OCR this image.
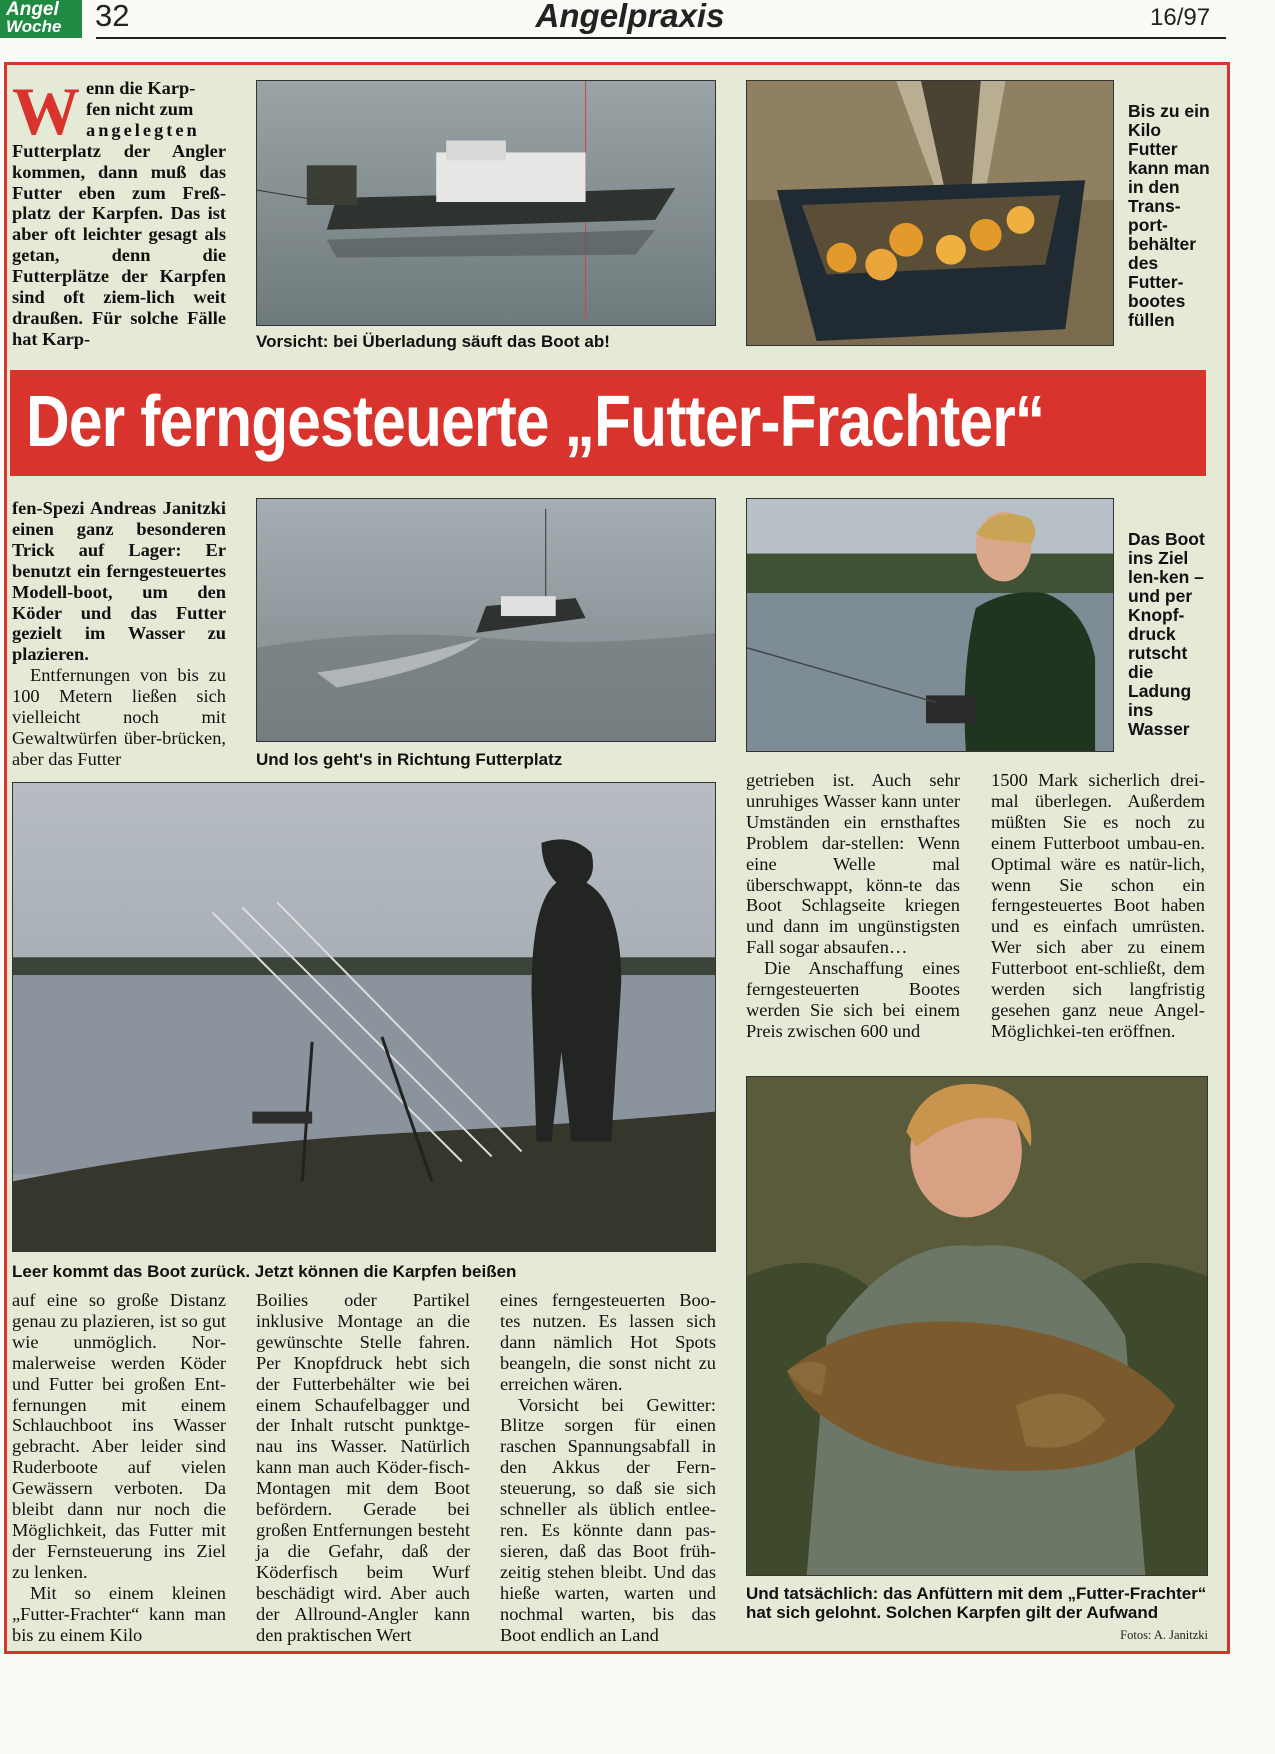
Angel
Woche 32	Angelpraxis	16/97
W enn die Karp-
fen nicht zum
angelegten Futterplatz der Angler kommen, dann muß das Futter eben zum Freß-platz der Karpfen. Das ist aber oft leichter gesagt als getan, denn die Futterplätze der Karpfen sind oft ziem-lich weit draußen. Für solche Fälle hat Karp-	Vorsicht: bei Überladung säuft das Boot ab!
Bis zu ein Kilo Futter kann man in den Trans-port-behälter des Futter-bootes füllen
Der ferngesteuerte „Futter-Frachter“
fen-Spezi Andreas Janitzki einen ganz besonderen Trick auf Lager: Er benutzt ein ferngesteuertes Modell-boot, um den Köder und das Futter gezielt im Wasser zu plazieren.
Entfernungen von bis zu 100 Metern ließen sich vielleicht noch mit Gewaltwürfen über-brücken, aber das Futter	Und los geht's in Richtung Futterplatz
Das Boot ins Ziel len-ken – und per Knopf-druck rutscht die Ladung ins Wasser
Leer kommt das Boot zurück. Jetzt können die Karpfen beißen
getrieben ist. Auch sehr unruhiges Wasser kann unter Umständen ein ernsthaftes Problem dar-stellen: Wenn eine Welle mal überschwappt, könn-te das Boot Schlagseite kriegen und dann im ungünstigsten Fall sogar absaufen…
Die Anschaffung eines ferngesteuerten Bootes werden Sie sich bei einem Preis zwischen 600 und
1500 Mark sicherlich drei-mal überlegen. Außerdem müßten Sie es noch zu einem Futterboot umbau-en. Optimal wäre es natür-lich, wenn Sie schon ein ferngesteuertes Boot haben und es einfach umrüsten. Wer sich aber zu einem Futterboot ent-schließt, dem werden sich langfristig gesehen ganz neue Angel-Möglichkei-ten eröffnen.
auf eine so große Distanz genau zu plazieren, ist so gut wie unmöglich. Nor-malerweise werden Köder und Futter bei großen Ent-fernungen mit einem Schlauchboot ins Wasser gebracht. Aber leider sind Ruderboote auf vielen Gewässern verboten. Da bleibt dann nur noch die Möglichkeit, das Futter mit der Fernsteuerung ins Ziel zu lenken.
Mit so einem kleinen „Futter-Frachter“ kann man bis zu einem Kilo
Boilies oder Partikel inklusive Montage an die gewünschte Stelle fahren. Per Knopfdruck hebt sich der Futterbehälter wie bei einem Schaufelbagger und der Inhalt rutscht punktge-nau ins Wasser. Natürlich kann man auch Köder-fisch-Montagen mit dem Boot befördern. Gerade bei großen Entfernungen besteht ja die Gefahr, daß der Köderfisch beim Wurf beschädigt wird. Aber auch der Allround-Angler kann den praktischen Wert
eines ferngesteuerten Boo-tes nutzen. Es lassen sich dann nämlich Hot Spots beangeln, die sonst nicht zu erreichen wären.
Vorsicht bei Gewitter: Blitze sorgen für einen raschen Spannungsabfall in den Akkus der Fern-steuerung, so daß sie sich schneller als üblich entlee-ren. Es könnte dann pas-sieren, daß das Boot früh-zeitig stehen bleibt. Und das hieße warten, warten und nochmal warten, bis das Boot endlich an Land
Und tatsächlich: das Anfüttern mit dem „Futter-Frachter“ hat sich gelohnt. Solchen Karpfen gilt der Aufwand
Fotos: A. Janitzki
